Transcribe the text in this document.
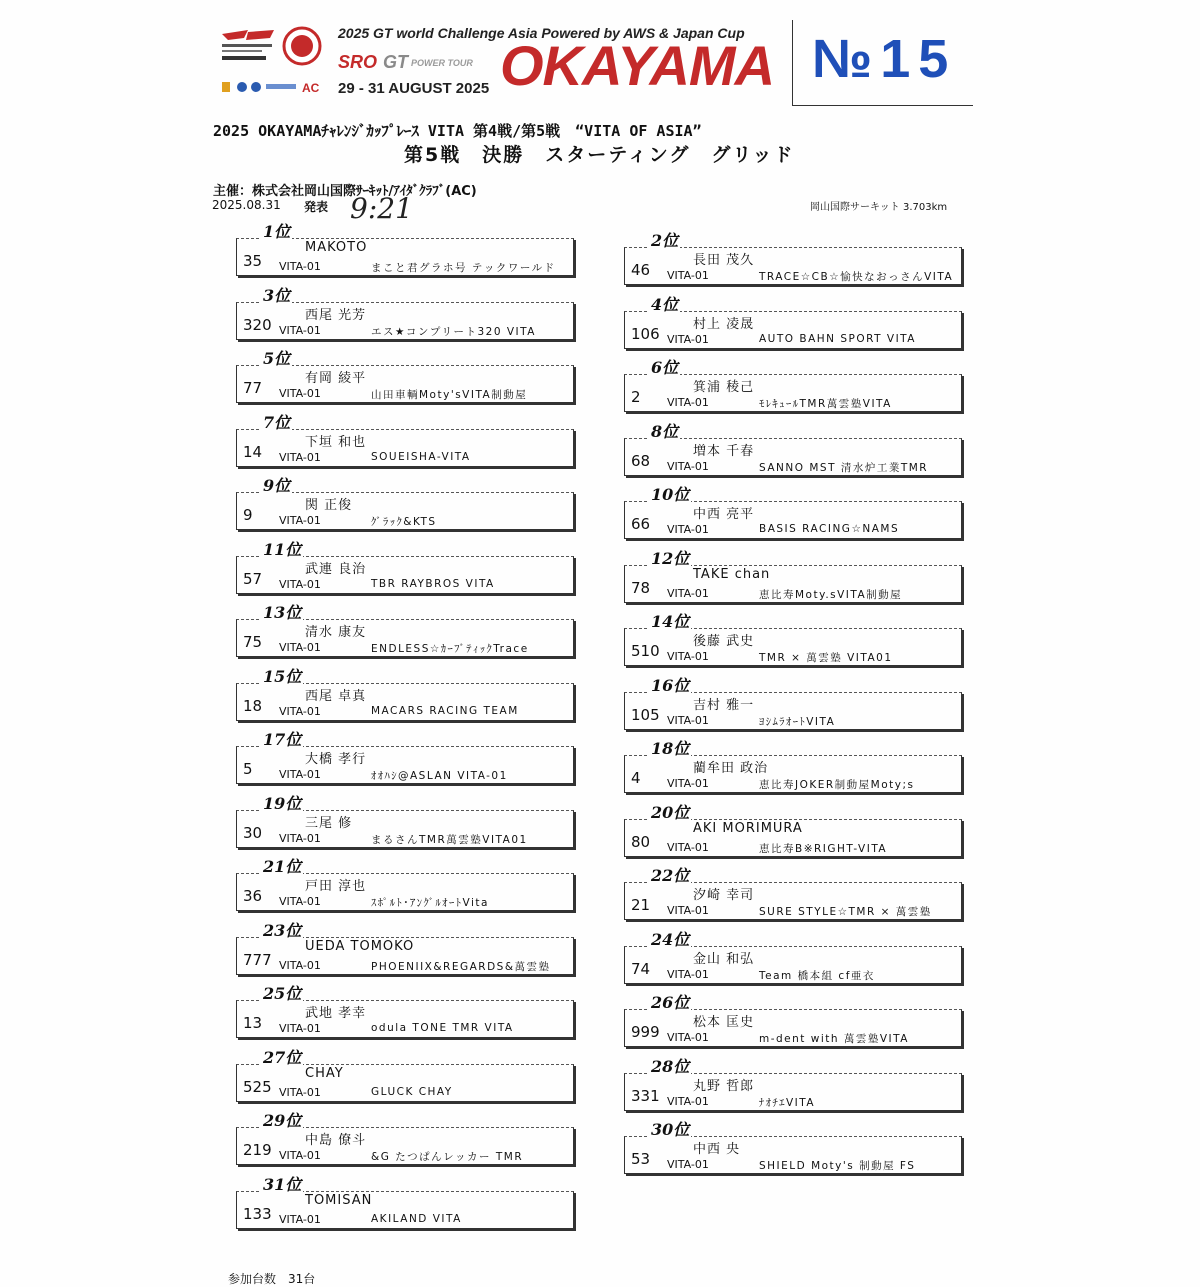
AC
2025 GT world Challenge Asia Powered by AWS & Japan Cup
SRO GT POWER TOUR
29 - 31 AUGUST 2025 OKAYAMA №15
2025 OKAYAMAﾁｬﾚﾝｼﾞｶｯﾌﾟﾚｰｽ VITA 第4戦/第5戦　“VITA OF ASIA”
第5戦　決勝　スターティング　グリッド
主催：株式会社岡山国際ｻｰｷｯﾄ/ｱｲﾀﾞｸﾗﾌﾞ(AC)
2025.08.31 発表 9:21	岡山国際サーキット 3.703km
1位
MAKOTO
35 VITA-01	まこと君グラホ号 テックワールド
2位
長田 茂久
46 VITA-01	TRACE☆CB☆愉快なおっさんVITA
3位
西尾 光芳
320 VITA-01	エス★コンプリート320 VITA
4位
村上 凌晟
106 VITA-01	AUTO BAHN SPORT VITA
5位
有岡 綾平
77 VITA-01	山田車輌Moty'sVITA制動屋
6位
箕浦 稜己
2 VITA-01	ﾓﾚｷｭｰﾙTMR萬雲塾VITA
7位
下垣 和也
14 VITA-01	SOUEISHA-VITA
8位
増本 千春
68 VITA-01	SANNO MST 清水炉工業TMR
9位
関 正俊
9 VITA-01	ｸﾞﾗｯｸ&KTS
10位
中西 亮平
66 VITA-01	BASIS RACING☆NAMS
11位
武連 良治
57 VITA-01	TBR RAYBROS VITA
12位
TAKE chan
78 VITA-01	恵比寿Moty.sVITA制動屋
13位
清水 康友
75 VITA-01	ENDLESS☆ｶｰﾌﾞﾃｨｯｸTrace
14位
後藤 武史
510 VITA-01	TMR × 萬雲塾 VITA01
15位
西尾 卓真
18 VITA-01	MACARS RACING TEAM
16位
吉村 雅一
105 VITA-01	ﾖｼﾑﾗｵｰﾄVITA
17位
大橋 孝行
5 VITA-01	ｵｵﾊｼ@ASLAN VITA-01
18位
藺牟田 政治
4 VITA-01	恵比寿JOKER制動屋Moty;s
19位
三尾 修
30 VITA-01	まるさんTMR萬雲塾VITA01
20位
AKI MORIMURA
80 VITA-01	恵比寿B※RIGHT-VITA
21位
戸田 淳也
36 VITA-01	ｽﾎﾟﾙﾄ･ｱﾝｸﾞﾙｵｰﾄVita
22位
汐崎 幸司
21 VITA-01	SURE STYLE☆TMR × 萬雲塾
23位
UEDA TOMOKO
777 VITA-01	PHOENIIX&REGARDS&萬雲塾
24位
金山 和弘
74 VITA-01	Team 橋本組 cf亜衣
25位
武地 孝幸
13 VITA-01	odula TONE TMR VITA
26位
松本 匡史
999 VITA-01	m-dent with 萬雲塾VITA
27位
CHAY
525 VITA-01	GLUCK CHAY
28位
丸野 哲郎
331 VITA-01	ﾅｵﾁｴVITA
29位
中島 僚斗
219 VITA-01	&G たつぱんレッカー TMR
30位
中西 央
53 VITA-01	SHIELD Moty's 制動屋 FS
31位
TOMISAN
133 VITA-01	AKILAND VITA
参加台数　31台
